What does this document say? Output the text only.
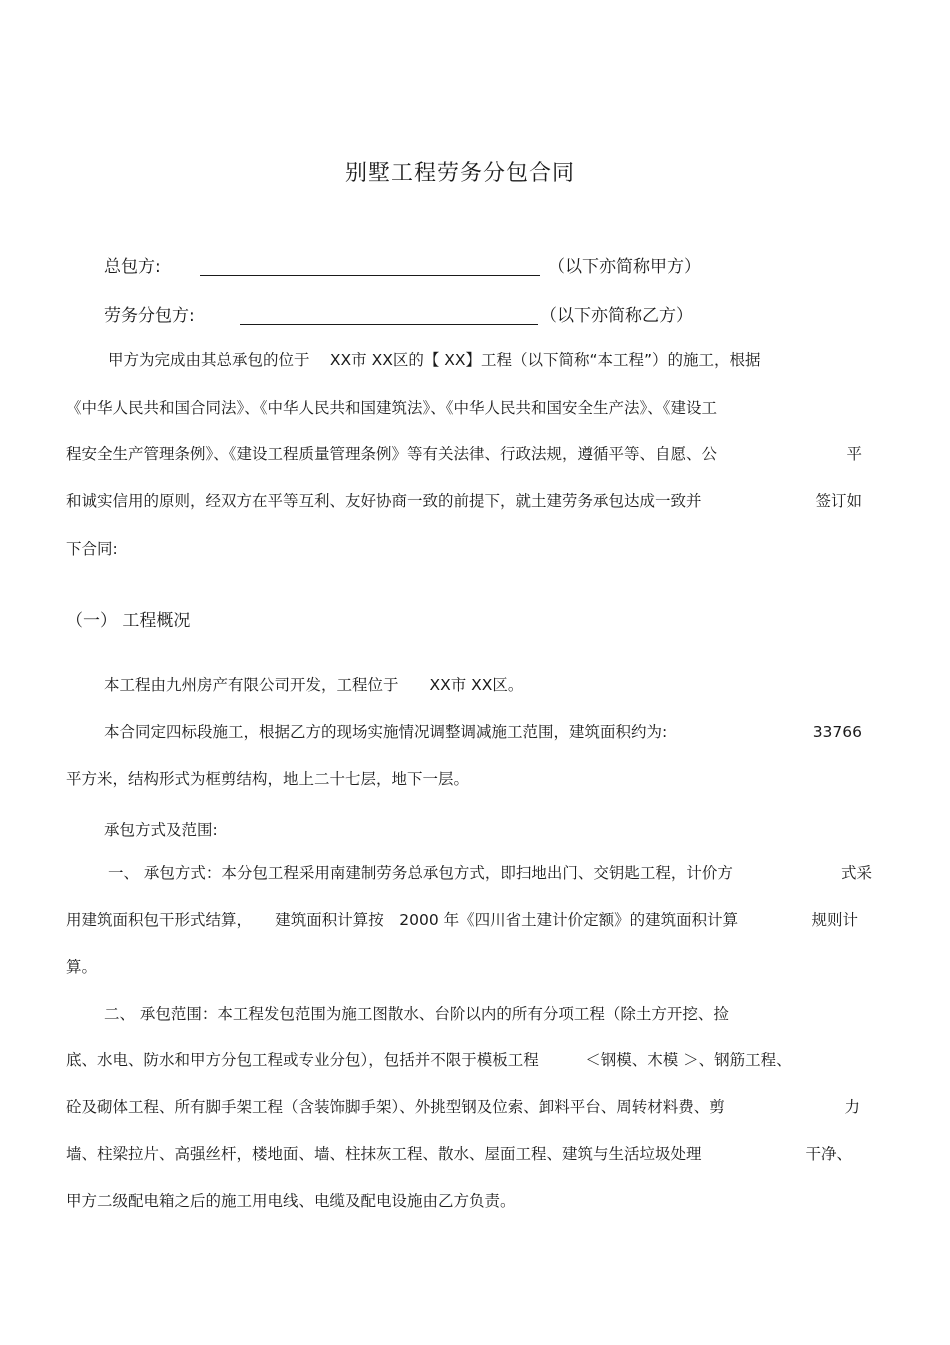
别墅工程劳务分包合同
总包方:	（以下亦简称甲方）
劳务分包方:	（以下亦简称乙方）
甲方为完成由其总承包的位于　 XX市 XX区的【 XX】工程（以下简称“本工程”）的施工，根据
《中华人民共和国合同法》、《中华人民共和国建筑法》、《中华人民共和国安全生产法》、《建设工
程安全生产管理条例》、《建设工程质量管理条例》等有关法律、行政法规，遵循平等、自愿、公	平
和诚实信用的原则，经双方在平等互利、友好协商一致的前提下，就土建劳务承包达成一致并	签订如
下合同:
（一） 工程概况
本工程由九州房产有限公司开发，工程位于　　XX市 XX区。
本合同定四标段施工，根据乙方的现场实施情况调整调减施工范围，建筑面积约为:	33766
平方米，结构形式为框剪结构，地上二十七层，地下一层。
承包方式及范围:
一、 承包方式：本分包工程采用南建制劳务总承包方式，即扫地出门、交钥匙工程，计价方	式采
用建筑面积包干形式结算，　　建筑面积计算按　2000 年《四川省土建计价定额》的建筑面积计算	规则计
算。
二、 承包范围：本工程发包范围为施工图散水、台阶以内的所有分项工程（除土方开挖、捡
底、水电、防水和甲方分包工程或专业分包），包括并不限于模板工程　　　＜钢模、木模 ＞、钢筋工程、
砼及砌体工程、所有脚手架工程（含装饰脚手架）、外挑型钢及位索、卸料平台、周转材料费、剪	力
墙、柱梁拉片、高强丝杆，楼地面、墙、柱抹灰工程、散水、屋面工程、建筑与生活垃圾处理	干净、
甲方二级配电箱之后的施工用电线、电缆及配电设施由乙方负责。
